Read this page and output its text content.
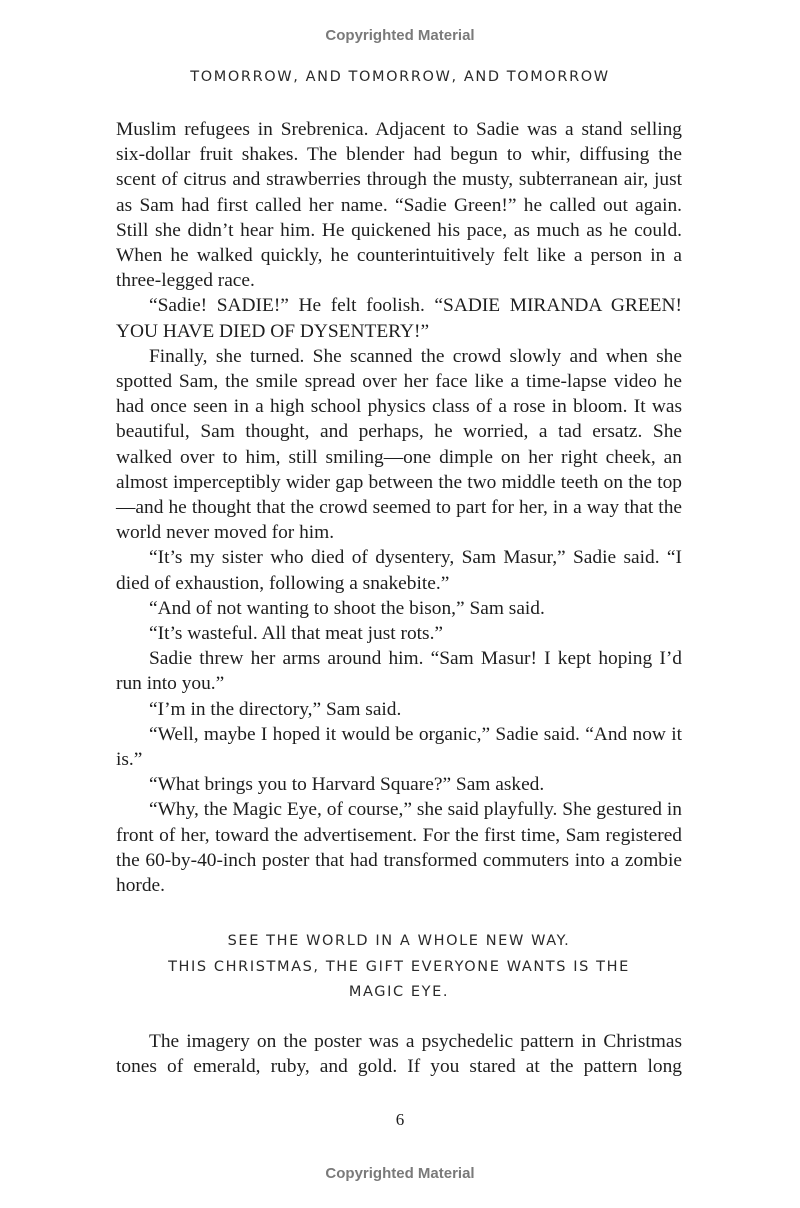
Copyrighted Material
TOMORROW, AND TOMORROW, AND TOMORROW

Muslim refugees in Srebrenica. Adjacent to Sadie was a stand selling six-dollar fruit shakes. The blender had begun to whir, diffusing the scent of citrus and strawberries through the musty, subterranean air, just as Sam had first called her name. “Sadie Green!” he called out again. Still she didn’t hear him. He quickened his pace, as much as he could. When he walked quickly, he counterintuitively felt like a person in a three-legged race.

“Sadie! SADIE!” He felt foolish. “SADIE MIRANDA GREEN! YOU HAVE DIED OF DYSENTERY!”

Finally, she turned. She scanned the crowd slowly and when she spotted Sam, the smile spread over her face like a time-lapse video he had once seen in a high school physics class of a rose in bloom. It was beautiful, Sam thought, and perhaps, he worried, a tad ersatz. She walked over to him, still smiling—one dimple on her right cheek, an almost imperceptibly wider gap between the two middle teeth on the top—and he thought that the crowd seemed to part for her, in a way that the world never moved for him.

“It’s my sister who died of dysentery, Sam Masur,” Sadie said. “I died of exhaustion, following a snakebite.”

“And of not wanting to shoot the bison,” Sam said.

“It’s wasteful. All that meat just rots.”

Sadie threw her arms around him. “Sam Masur! I kept hoping I’d run into you.”

“I’m in the directory,” Sam said.

“Well, maybe I hoped it would be organic,” Sadie said. “And now it is.”

“What brings you to Harvard Square?” Sam asked.

“Why, the Magic Eye, of course,” she said playfully. She gestured in front of her, toward the advertisement. For the first time, Sam registered the 60-by-40-inch poster that had transformed commuters into a zombie horde.

SEE THE WORLD IN A WHOLE NEW WAY.
THIS CHRISTMAS, THE GIFT EVERYONE WANTS IS THE
MAGIC EYE.

The imagery on the poster was a psychedelic pattern in Christmas tones of emerald, ruby, and gold. If you stared at the pattern long

6
Copyrighted Material
